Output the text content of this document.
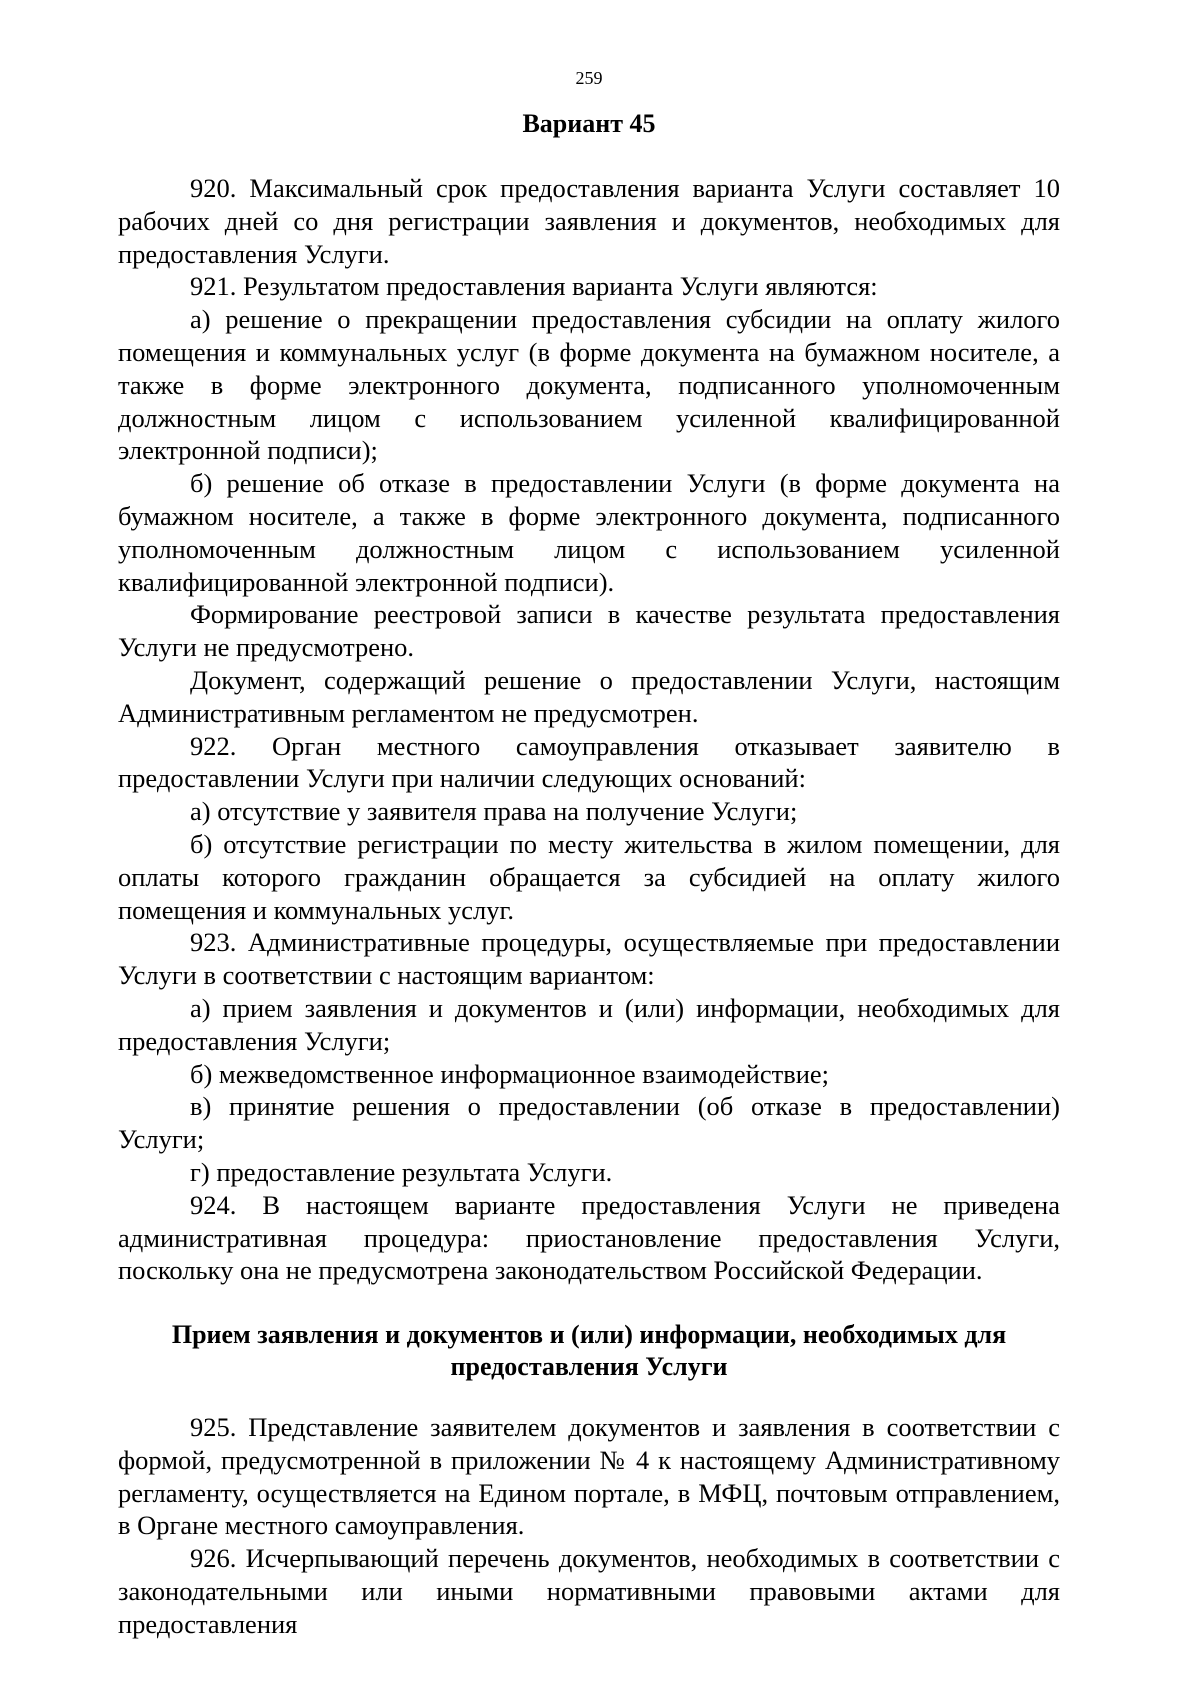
259
Вариант 45

920. Максимальный срок предоставления варианта Услуги составляет 10 рабочих дней со дня регистрации заявления и документов, необходимых для предоставления Услуги.

921. Результатом предоставления варианта Услуги являются:

а) решение о прекращении предоставления субсидии на оплату жилого помещения и коммунальных услуг (в форме документа на бумажном носителе, а также в форме электронного документа, подписанного уполномоченным должностным лицом с использованием усиленной квалифицированной электронной подписи);

б) решение об отказе в предоставлении Услуги (в форме документа на бумажном носителе, а также в форме электронного документа, подписанного уполномоченным должностным лицом с использованием усиленной квалифицированной электронной подписи).

Формирование реестровой записи в качестве результата предоставления Услуги не предусмотрено.

Документ, содержащий решение о предоставлении Услуги, настоящим Административным регламентом не предусмотрен.

922. Орган местного самоуправления отказывает заявителю в предоставлении Услуги при наличии следующих оснований:

а) отсутствие у заявителя права на получение Услуги;

б) отсутствие регистрации по месту жительства в жилом помещении, для оплаты которого гражданин обращается за субсидией на оплату жилого помещения и коммунальных услуг.

923. Административные процедуры, осуществляемые при предоставлении Услуги в соответствии с настоящим вариантом:

а) прием заявления и документов и (или) информации, необходимых для предоставления Услуги;

б) межведомственное информационное взаимодействие;

в) принятие решения о предоставлении (об отказе в предоставлении) Услуги;

г) предоставление результата Услуги.

924. В настоящем варианте предоставления Услуги не приведена административная процедура: приостановление предоставления Услуги, поскольку она не предусмотрена законодательством Российской Федерации.

Прием заявления и документов и (или) информации, необходимых для предоставления Услуги

925. Представление заявителем документов и заявления в соответствии с формой, предусмотренной в приложении № 4 к настоящему Административному регламенту, осуществляется на Едином портале, в МФЦ, почтовым отправлением, в Органе местного самоуправления.

926. Исчерпывающий перечень документов, необходимых в соответствии с законодательными или иными нормативными правовыми актами для предоставления
